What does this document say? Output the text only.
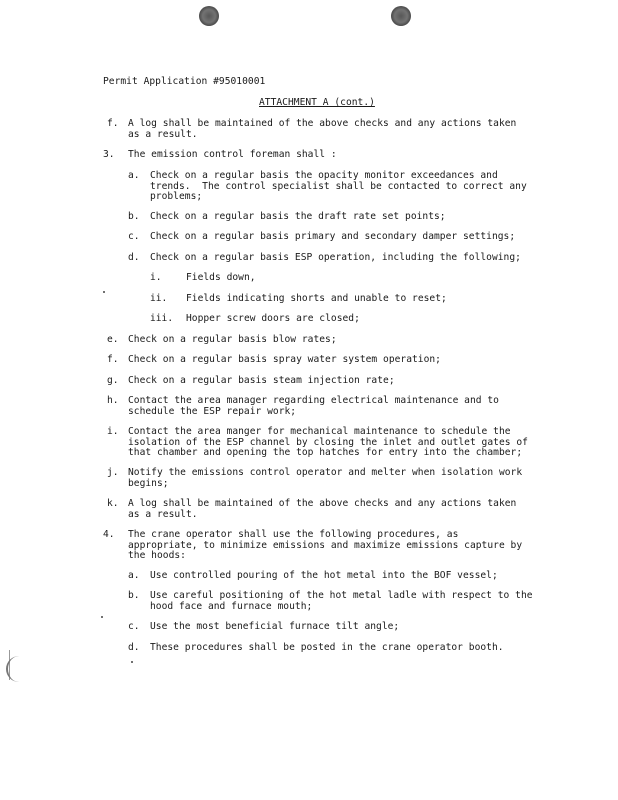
Permit Application #95010001
ATTACHMENT A (cont.)
f. A log shall be maintained of the above checks and any actions taken
as a result.
3. The emission control foreman shall :
a. Check on a regular basis the opacity monitor exceedances and
trends.  The control specialist shall be contacted to correct any
problems;
b. Check on a regular basis the draft rate set points;
c. Check on a regular basis primary and secondary damper settings;
d. Check on a regular basis ESP operation, including the following;
i.	Fields down,
ii. Fields indicating shorts and unable to reset;
iii. Hopper screw doors are closed;
e. Check on a regular basis blow rates;
f. Check on a regular basis spray water system operation;
g. Check on a regular basis steam injection rate;
h. Contact the area manager regarding electrical maintenance and to
schedule the ESP repair work;
i. Contact the area manger for mechanical maintenance to schedule the
isolation of the ESP channel by closing the inlet and outlet gates of
that chamber and opening the top hatches for entry into the chamber;
j. Notify the emissions control operator and melter when isolation work
begins;
k. A log shall be maintained of the above checks and any actions taken
as a result.
4. The crane operator shall use the following procedures, as
appropriate, to minimize emissions and maximize emissions capture by
the hoods:
a. Use controlled pouring of the hot metal into the BOF vessel;
b. Use careful positioning of the hot metal ladle with respect to the
hood face and furnace mouth;
c. Use the most beneficial furnace tilt angle;
d. These procedures shall be posted in the crane operator booth.
